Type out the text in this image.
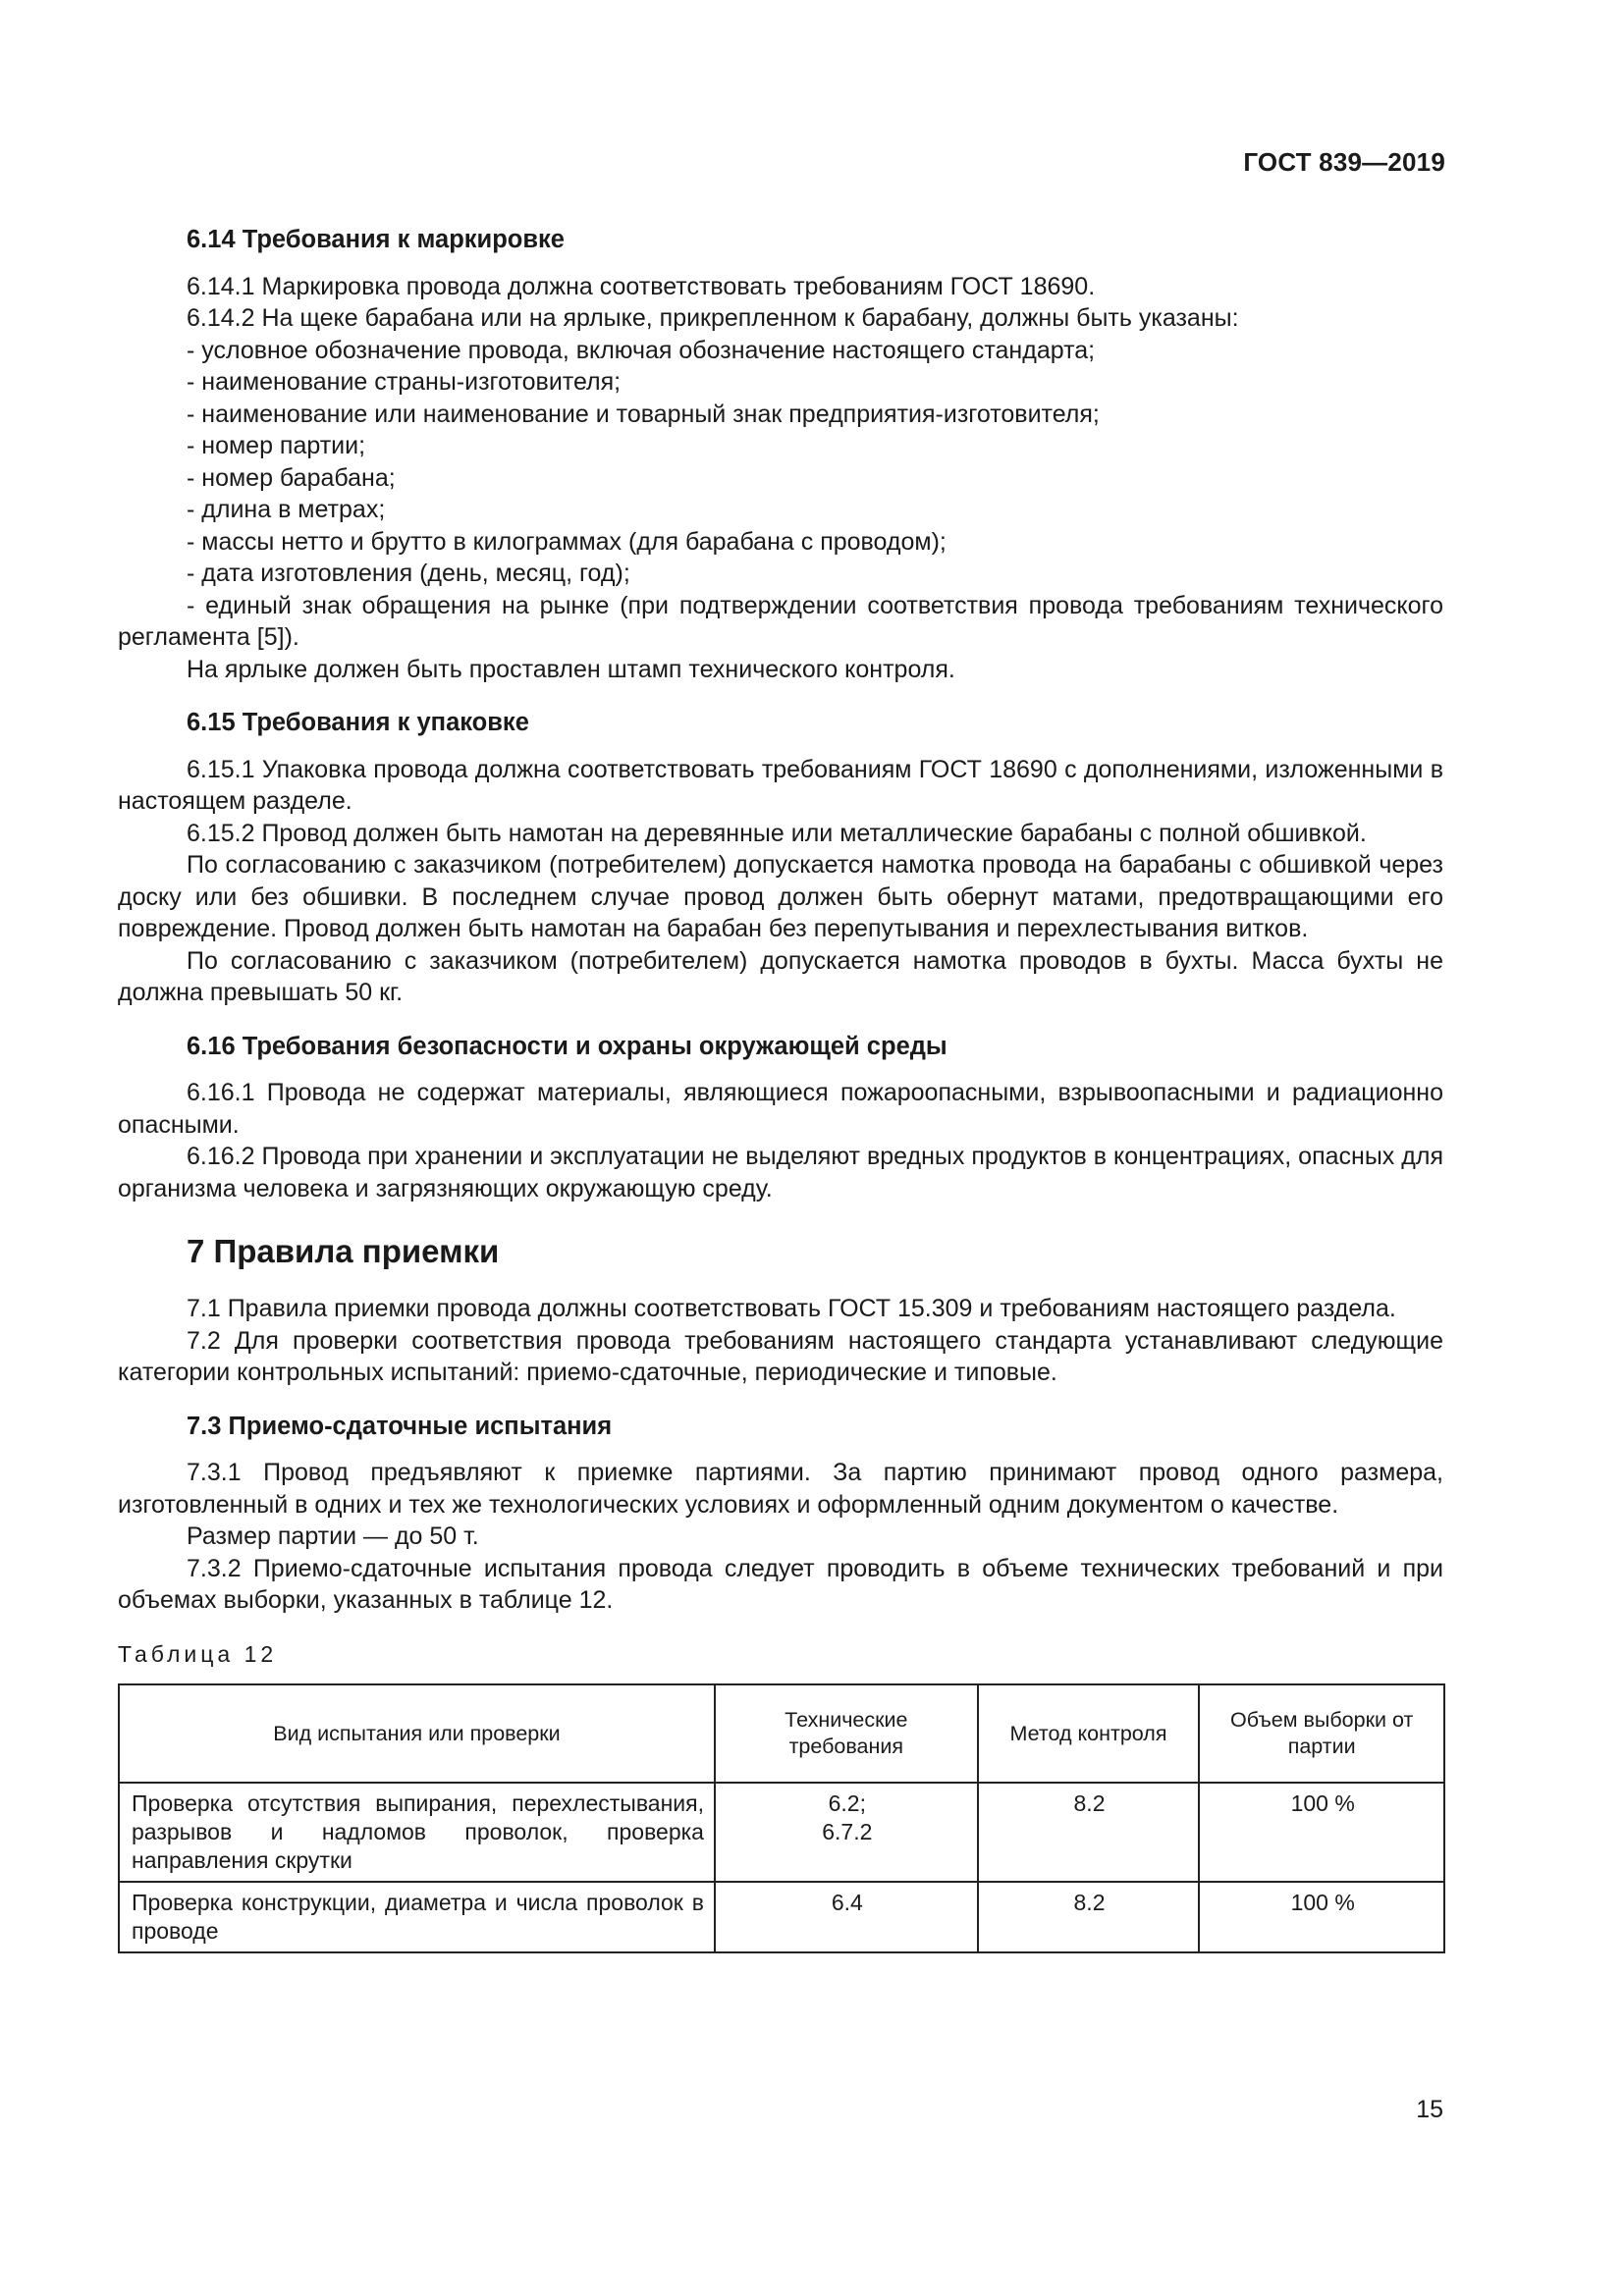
ГОСТ 839—2019
6.14 Требования к маркировке

6.14.1 Маркировка провода должна соответствовать требованиям ГОСТ 18690.

6.14.2 На щеке барабана или на ярлыке, прикрепленном к барабану, должны быть указаны:

- условное обозначение провода, включая обозначение настоящего стандарта;

- наименование страны-изготовителя;

- наименование или наименование и товарный знак предприятия-изготовителя;

- номер партии;

- номер барабана;

- длина в метрах;

- массы нетто и брутто в килограммах (для барабана с проводом);

- дата изготовления (день, месяц, год);

- единый знак обращения на рынке (при подтверждении соответствия провода требованиям технического регламента [5]).

На ярлыке должен быть проставлен штамп технического контроля.

6.15 Требования к упаковке

6.15.1 Упаковка провода должна соответствовать требованиям ГОСТ 18690 с дополнениями, изложенными в настоящем разделе.

6.15.2 Провод должен быть намотан на деревянные или металлические барабаны с полной обшивкой.

По согласованию с заказчиком (потребителем) допускается намотка провода на барабаны с обшивкой через доску или без обшивки. В последнем случае провод должен быть обернут матами, предотвращающими его повреждение. Провод должен быть намотан на барабан без перепутывания и перехлестывания витков.

По согласованию с заказчиком (потребителем) допускается намотка проводов в бухты. Масса бухты не должна превышать 50 кг.

6.16 Требования безопасности и охраны окружающей среды

6.16.1 Провода не содержат материалы, являющиеся пожароопасными, взрывоопасными и радиационно опасными.

6.16.2 Провода при хранении и эксплуатации не выделяют вредных продуктов в концентрациях, опасных для организма человека и загрязняющих окружающую среду.

7 Правила приемки

7.1 Правила приемки провода должны соответствовать ГОСТ 15.309 и требованиям настоящего раздела.

7.2 Для проверки соответствия провода требованиям настоящего стандарта устанавливают следующие категории контрольных испытаний: приемо-сдаточные, периодические и типовые.

7.3 Приемо-сдаточные испытания

7.3.1 Провод предъявляют к приемке партиями. За партию принимают провод одного размера, изготовленный в одних и тех же технологических условиях и оформленный одним документом о качестве.

Размер партии — до 50 т.

7.3.2 Приемо-сдаточные испытания провода следует проводить в объеме технических требований и при объемах выборки, указанных в таблице 12.

Таблица 12
Вид испытания или проверки	Технические требования	Метод контроля	Объем выборки от партии
Проверка отсутствия выпирания, перехлестывания, разрывов и надломов проволок, проверка направления скрутки	6.2;
6.7.2	8.2	100 %
Проверка конструкции, диаметра и числа проволок в проводе	6.4	8.2	100 %
15
